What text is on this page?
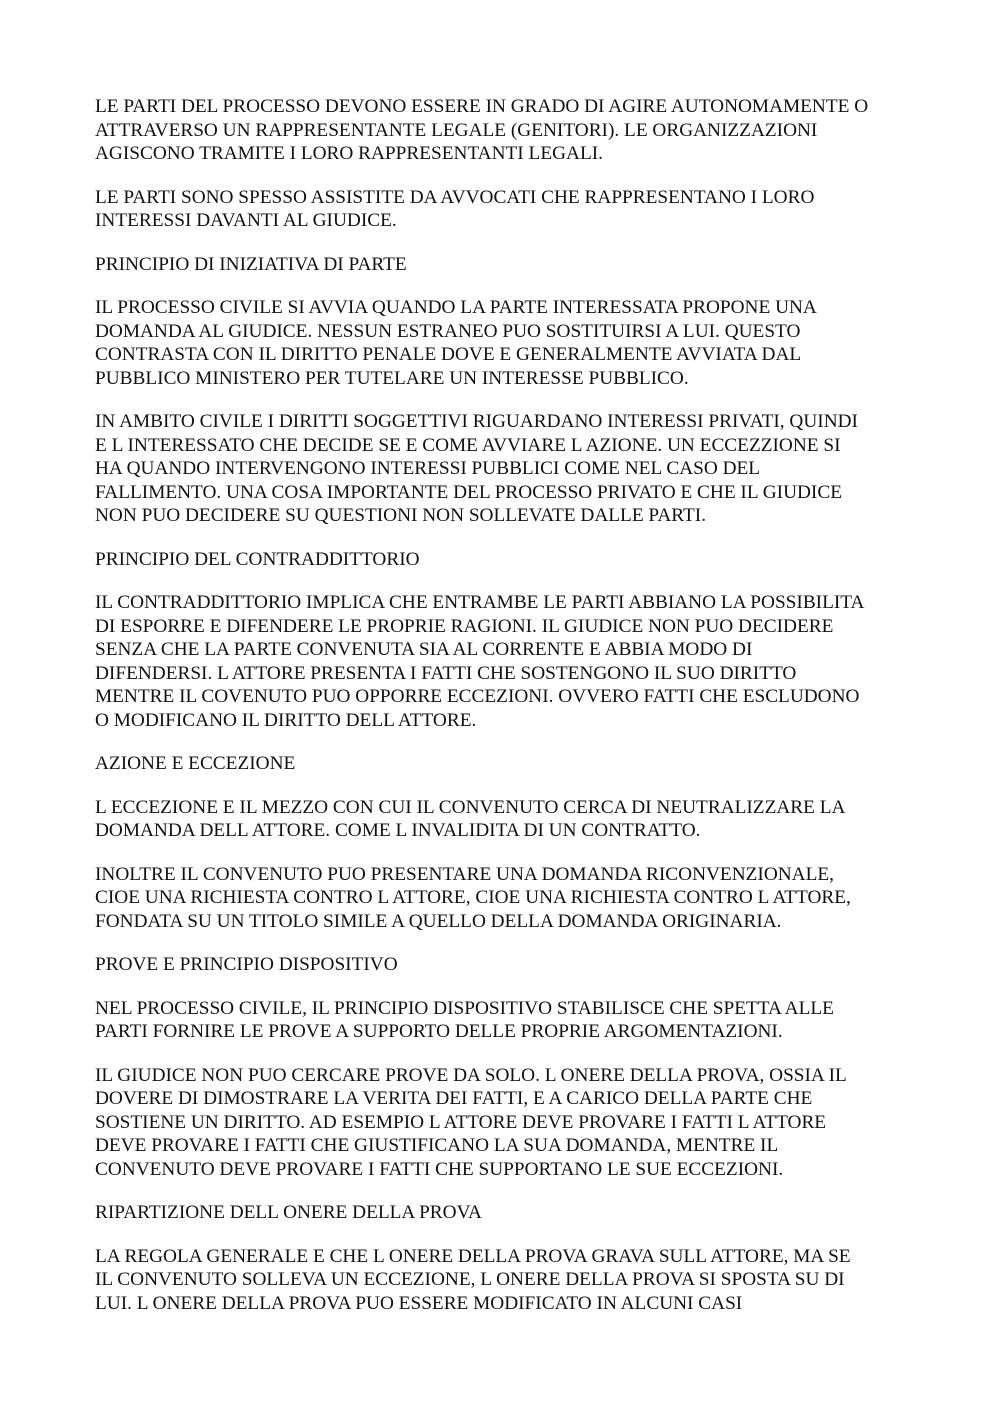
LE PARTI DEL PROCESSO DEVONO ESSERE IN GRADO DI AGIRE AUTONOMAMENTE O
ATTRAVERSO UN RAPPRESENTANTE LEGALE (GENITORI). LE ORGANIZZAZIONI
AGISCONO TRAMITE I LORO RAPPRESENTANTI LEGALI.
LE PARTI SONO SPESSO ASSISTITE DA AVVOCATI CHE RAPPRESENTANO I LORO
INTERESSI DAVANTI AL GIUDICE.
PRINCIPIO DI INIZIATIVA DI PARTE
IL PROCESSO CIVILE SI AVVIA QUANDO LA PARTE INTERESSATA PROPONE UNA
DOMANDA AL GIUDICE. NESSUN ESTRANEO PUO SOSTITUIRSI A LUI. QUESTO
CONTRASTA CON IL DIRITTO PENALE DOVE E GENERALMENTE AVVIATA DAL
PUBBLICO MINISTERO PER TUTELARE UN INTERESSE PUBBLICO.
IN AMBITO CIVILE I DIRITTI SOGGETTIVI RIGUARDANO INTERESSI PRIVATI, QUINDI
E L INTERESSATO CHE DECIDE SE E COME AVVIARE L AZIONE. UN ECCEZZIONE SI
HA QUANDO INTERVENGONO INTERESSI PUBBLICI COME NEL CASO DEL
FALLIMENTO. UNA COSA IMPORTANTE DEL PROCESSO PRIVATO E CHE IL GIUDICE
NON PUO DECIDERE SU QUESTIONI NON SOLLEVATE DALLE PARTI.
PRINCIPIO DEL CONTRADDITTORIO
IL CONTRADDITTORIO IMPLICA CHE ENTRAMBE LE PARTI ABBIANO LA POSSIBILITA
DI ESPORRE E DIFENDERE LE PROPRIE RAGIONI. IL GIUDICE NON PUO DECIDERE
SENZA CHE LA PARTE CONVENUTA SIA AL CORRENTE E ABBIA MODO DI
DIFENDERSI. L ATTORE PRESENTA I FATTI CHE SOSTENGONO IL SUO DIRITTO
MENTRE IL COVENUTO PUO OPPORRE ECCEZIONI. OVVERO FATTI CHE ESCLUDONO
O MODIFICANO IL DIRITTO DELL ATTORE.
AZIONE E ECCEZIONE
L ECCEZIONE E IL MEZZO CON CUI IL CONVENUTO CERCA DI NEUTRALIZZARE LA
DOMANDA DELL ATTORE. COME L INVALIDITA DI UN CONTRATTO.
INOLTRE IL CONVENUTO PUO PRESENTARE UNA DOMANDA RICONVENZIONALE,
CIOE UNA RICHIESTA CONTRO L ATTORE, CIOE UNA RICHIESTA CONTRO L ATTORE,
FONDATA SU UN TITOLO SIMILE A QUELLO DELLA DOMANDA ORIGINARIA.
PROVE E PRINCIPIO DISPOSITIVO
NEL PROCESSO CIVILE, IL PRINCIPIO DISPOSITIVO STABILISCE CHE SPETTA ALLE
PARTI FORNIRE LE PROVE A SUPPORTO DELLE PROPRIE ARGOMENTAZIONI.
IL GIUDICE NON PUO CERCARE PROVE DA SOLO. L ONERE DELLA PROVA, OSSIA IL
DOVERE DI DIMOSTRARE LA VERITA DEI FATTI, E A CARICO DELLA PARTE CHE
SOSTIENE UN DIRITTO. AD ESEMPIO L ATTORE DEVE PROVARE I FATTI L ATTORE
DEVE PROVARE I FATTI CHE GIUSTIFICANO LA SUA DOMANDA, MENTRE IL
CONVENUTO DEVE PROVARE I FATTI CHE SUPPORTANO LE SUE ECCEZIONI.
RIPARTIZIONE DELL ONERE DELLA PROVA
LA REGOLA GENERALE E CHE L ONERE DELLA PROVA GRAVA SULL ATTORE, MA SE
IL CONVENUTO SOLLEVA UN ECCEZIONE, L ONERE DELLA PROVA SI SPOSTA SU DI
LUI. L ONERE DELLA PROVA PUO ESSERE MODIFICATO IN ALCUNI CASI
